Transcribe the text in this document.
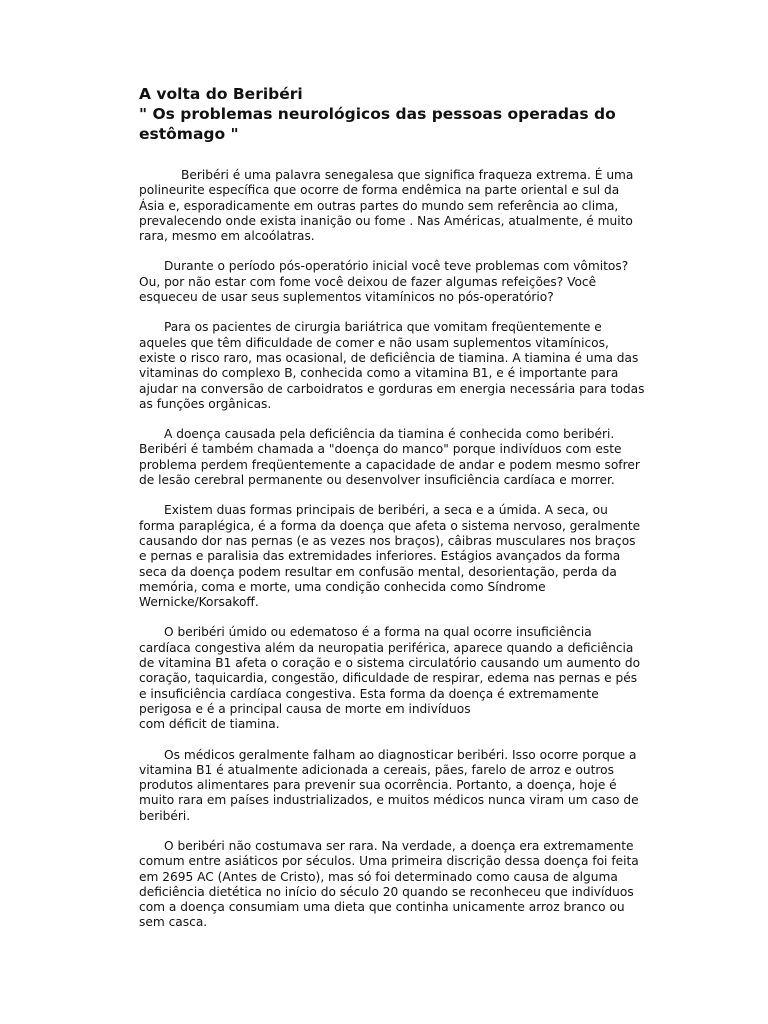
A volta do Beribéri
" Os problemas neurológicos das pessoas operadas do
estômago "

Beribéri é uma palavra senegalesa que significa fraqueza extrema. É uma
polineurite específica que ocorre de forma endêmica na parte oriental e sul da
Ásia e, esporadicamente em outras partes do mundo sem referência ao clima,
prevalecendo onde exista inanição ou fome . Nas Américas, atualmente, é muito
rara, mesmo em alcoólatras.

Durante o período pós-operatório inicial você teve problemas com vômitos?
Ou, por não estar com fome você deixou de fazer algumas refeições? Você
esqueceu de usar seus suplementos vitamínicos no pós-operatório?

Para os pacientes de cirurgia bariátrica que vomitam freqüentemente e
aqueles que têm dificuldade de comer e não usam suplementos vitamínicos,
existe o risco raro, mas ocasional, de deficiência de tiamina. A tiamina é uma das
vitaminas do complexo B, conhecida como a vitamina B1, e é importante para
ajudar na conversão de carboidratos e gorduras em energia necessária para todas
as funções orgânicas.

A doença causada pela deficiência da tiamina é conhecida como beribéri.
Beribéri é também chamada a "doença do manco" porque indivíduos com este
problema perdem freqüentemente a capacidade de andar e podem mesmo sofrer
de lesão cerebral permanente ou desenvolver insuficiência cardíaca e morrer.

Existem duas formas principais de beribéri, a seca e a úmida. A seca, ou
forma paraplégica, é a forma da doença que afeta o sistema nervoso, geralmente
causando dor nas pernas (e as vezes nos braços), câibras musculares nos braços
e pernas e paralisia das extremidades inferiores. Estágios avançados da forma
seca da doença podem resultar em confusão mental, desorientação, perda da
memória, coma e morte, uma condição conhecida como Síndrome
Wernicke/Korsakoff.

O beribéri úmido ou edematoso é a forma na qual ocorre insuficiência
cardíaca congestiva além da neuropatia periférica, aparece quando a deficiência
de vitamina B1 afeta o coração e o sistema circulatório causando um aumento do
coração, taquicardia, congestão, dificuldade de respirar, edema nas pernas e pés
e insuficiência cardíaca congestiva. Esta forma da doença é extremamente
perigosa e é a principal causa de morte em indivíduos
com déficit de tiamina.

Os médicos geralmente falham ao diagnosticar beribéri. Isso ocorre porque a
vitamina B1 é atualmente adicionada a cereais, pães, farelo de arroz e outros
produtos alimentares para prevenir sua ocorrência. Portanto, a doença, hoje é
muito rara em países industrializados, e muitos médicos nunca viram um caso de
beribéri.

O beribéri não costumava ser rara. Na verdade, a doença era extremamente
comum entre asiáticos por séculos. Uma primeira discrição dessa doença foi feita
em 2695 AC (Antes de Cristo), mas só foi determinado como causa de alguma
deficiência dietética no início do século 20 quando se reconheceu que indivíduos
com a doença consumiam uma dieta que continha unicamente arroz branco ou
sem casca.
